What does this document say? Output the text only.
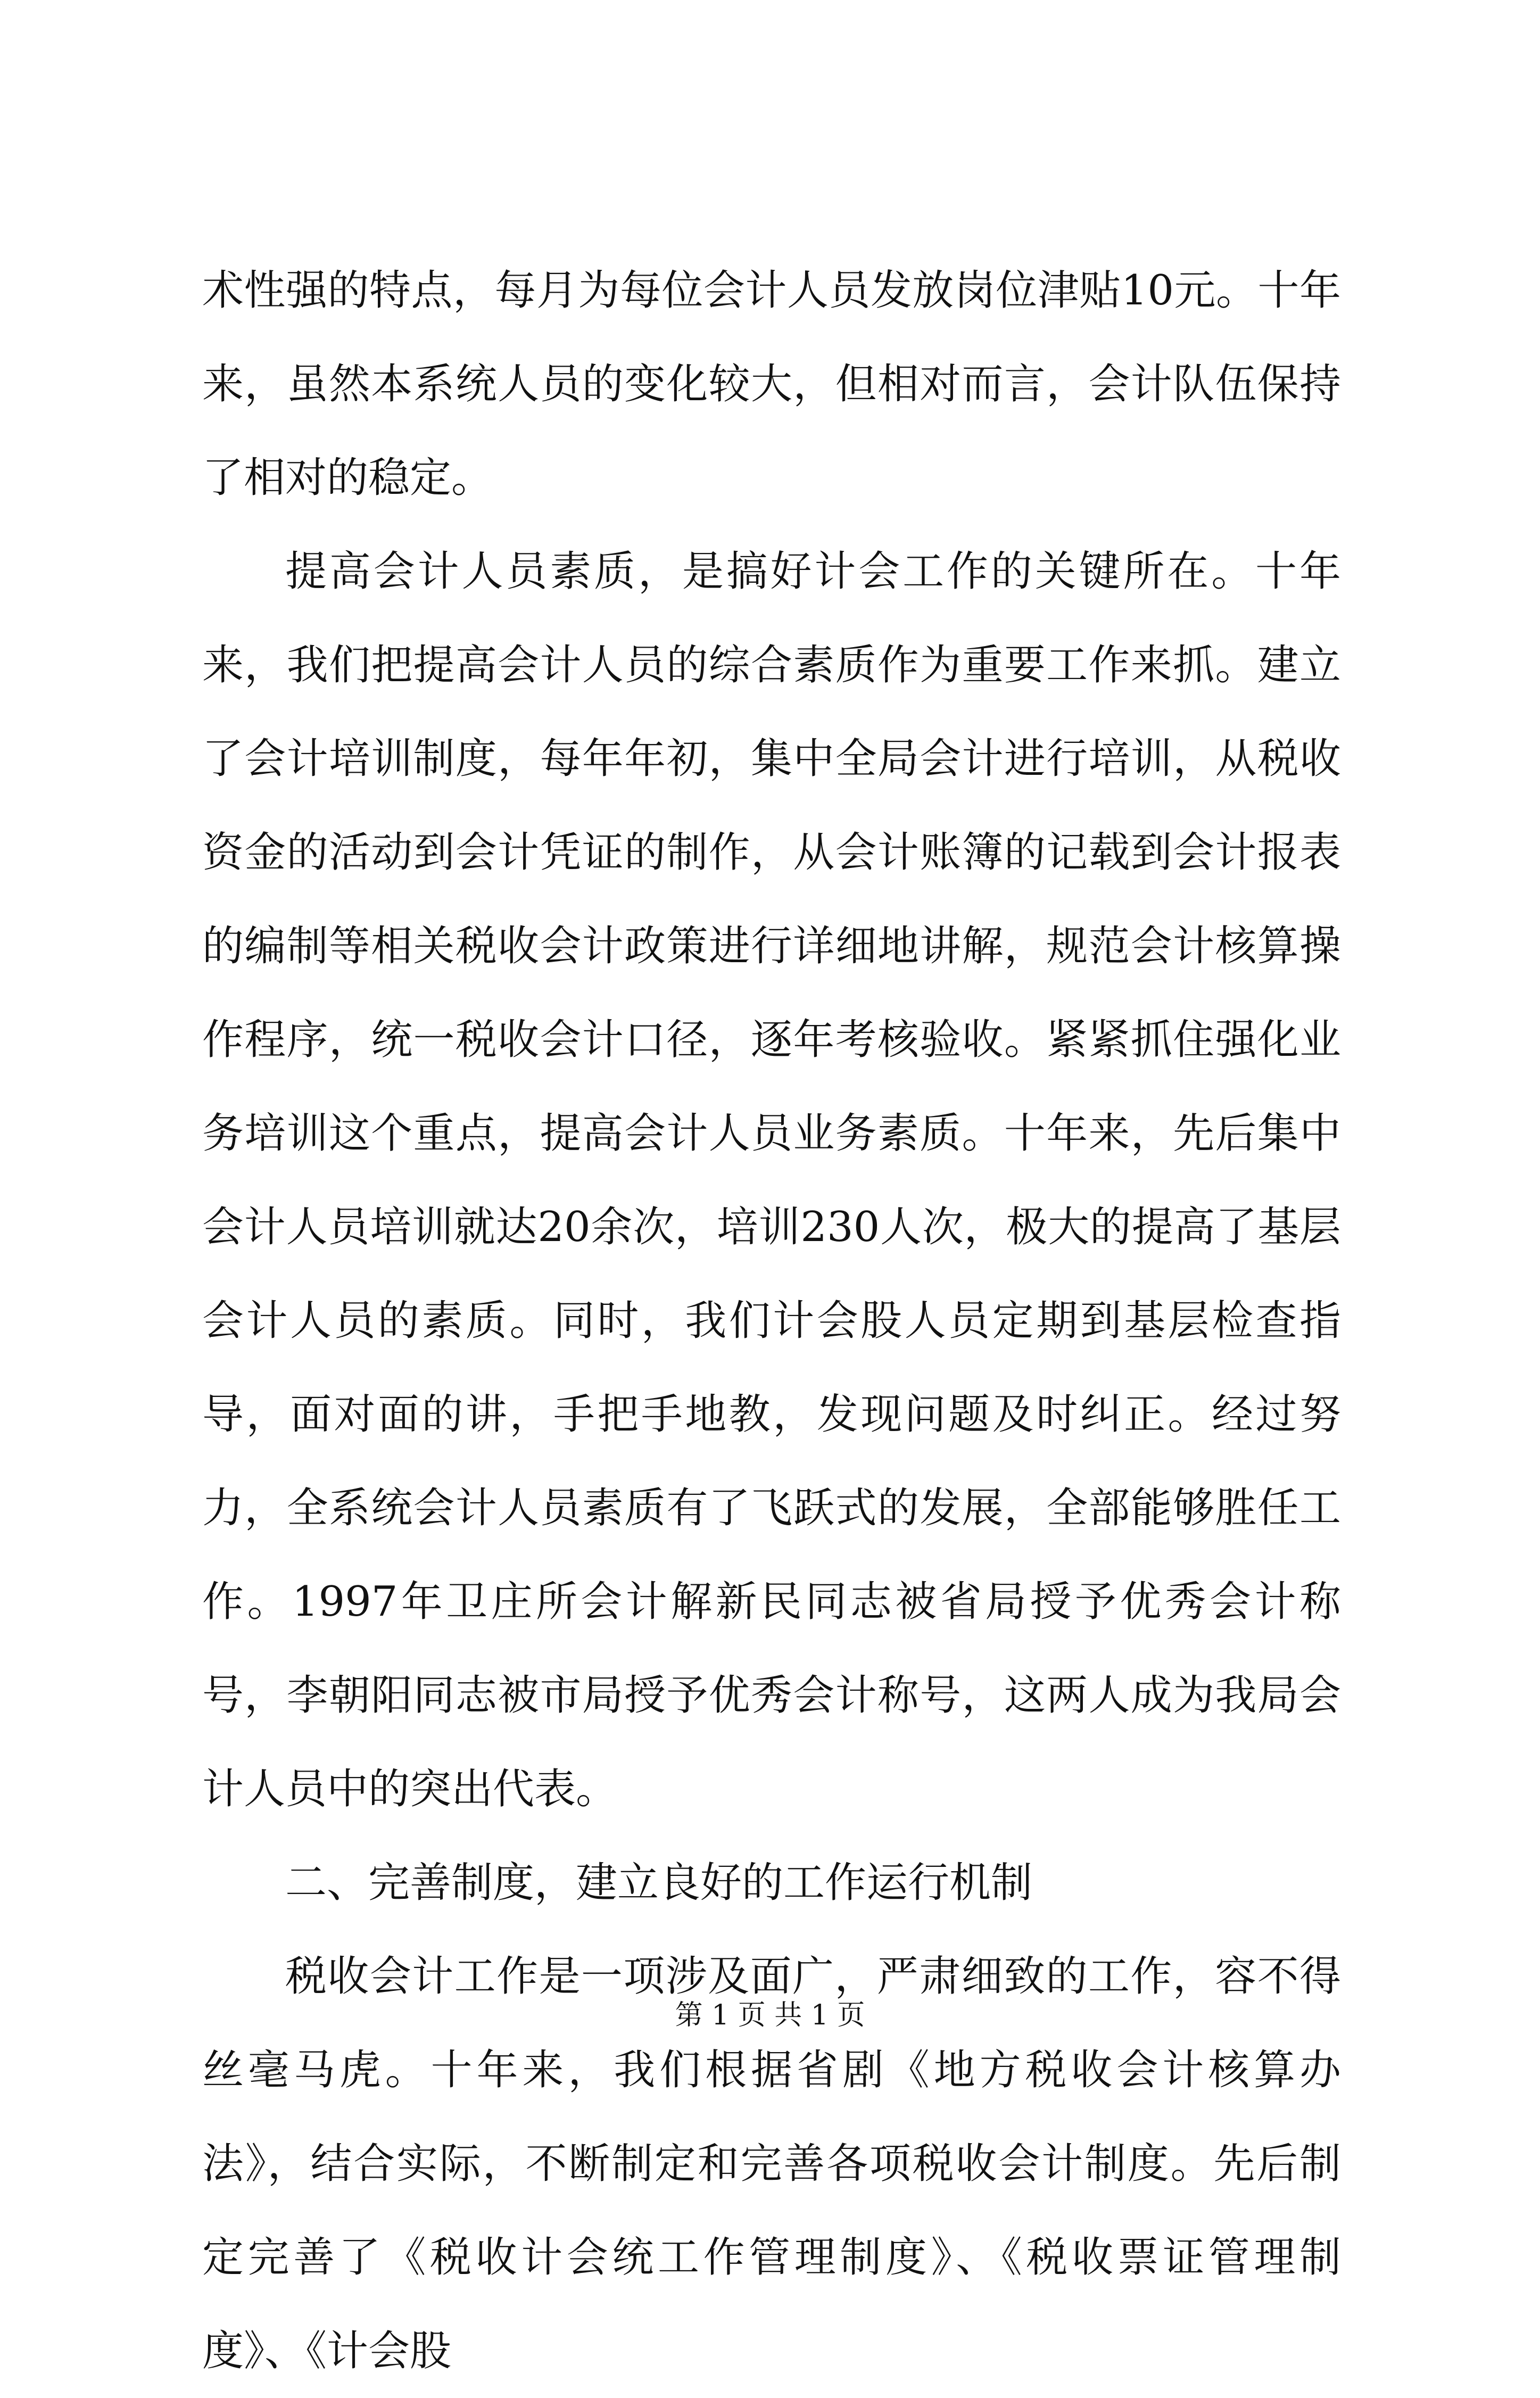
术性强的特点，每月为每位会计人员发放岗位津贴10元。十年来，虽然本系统人员的变化较大，但相对而言，会计队伍保持了相对的稳定。

提高会计人员素质，是搞好计会工作的关键所在。十年来，我们把提高会计人员的综合素质作为重要工作来抓。建立了会计培训制度，每年年初，集中全局会计进行培训，从税收资金的活动到会计凭证的制作，从会计账簿的记载到会计报表的编制等相关税收会计政策进行详细地讲解，规范会计核算操作程序，统一税收会计口径，逐年考核验收。紧紧抓住强化业务培训这个重点，提高会计人员业务素质。十年来，先后集中会计人员培训就达20余次，培训230人次，极大的提高了基层会计人员的素质。同时，我们计会股人员定期到基层检查指导，面对面的讲，手把手地教，发现问题及时纠正。经过努力，全系统会计人员素质有了飞跃式的发展，全部能够胜任工作。1997年卫庄所会计解新民同志被省局授予优秀会计称号，李朝阳同志被市局授予优秀会计称号，这两人成为我局会计人员中的突出代表。

二、完善制度，建立良好的工作运行机制

税收会计工作是一项涉及面广，严肃细致的工作，容不得丝毫马虎。十年来，我们根据省剧《地方税收会计核算办法》，结合实际，不断制定和完善各项税收会计制度。先后制定完善了《税收计会统工作管理制度》、《税收票证管理制度》、《计会股

第 1 页 共 1 页
